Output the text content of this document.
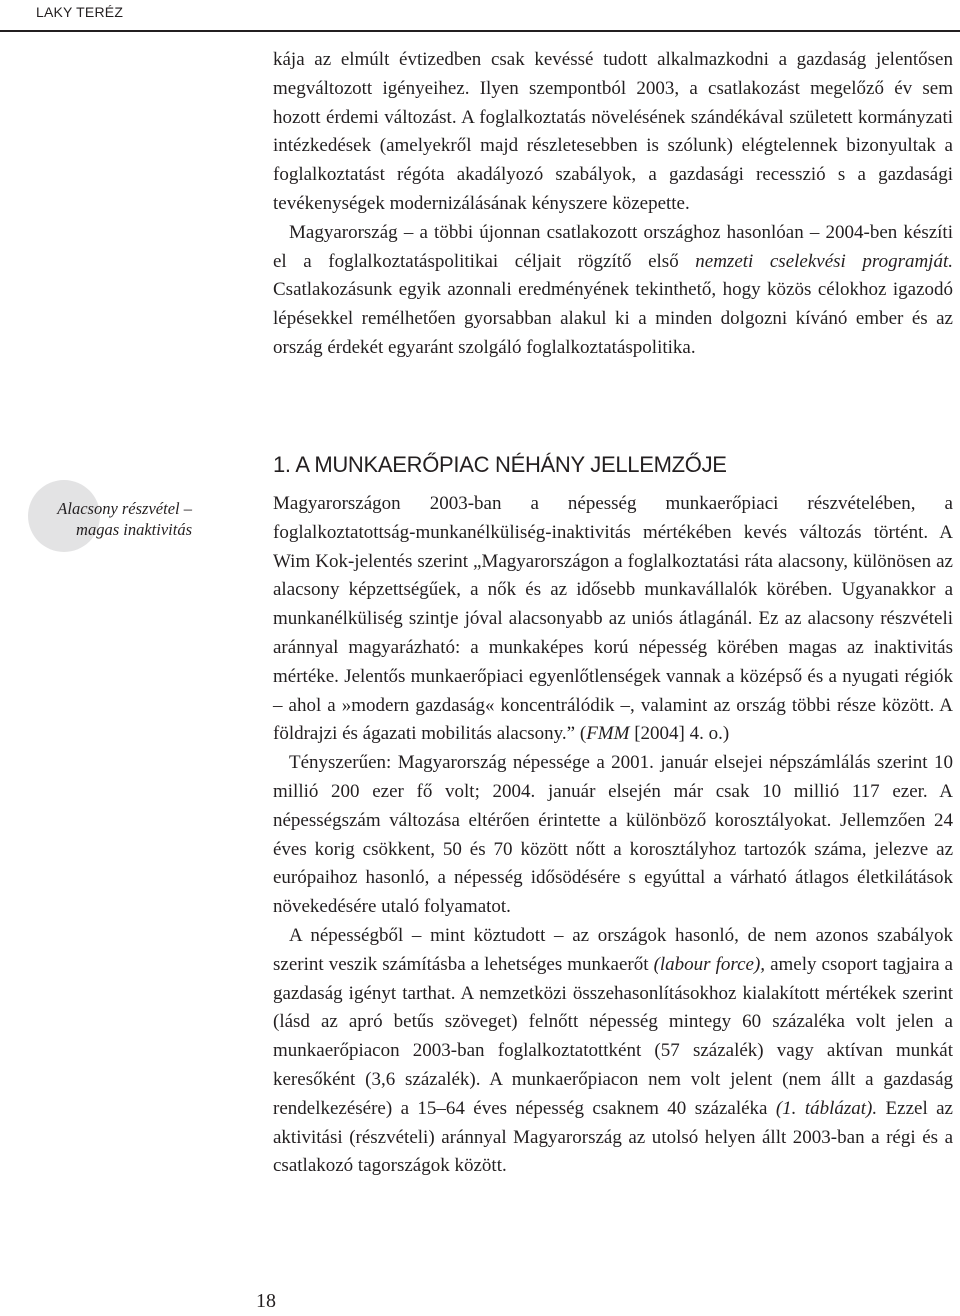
LAKY TERÉZ

kája az elmúlt évtizedben csak kevéssé tudott alkalmazkodni a gazdaság jelentősen megváltozott igényeihez. Ilyen szempontból 2003, a csatlakozást megelőző év sem hozott érdemi változást. A foglalkoztatás növelésének szándékával született kormányzati intézkedések (amelyekről majd részletesebben is szólunk) elégtelennek bizonyultak a foglalkoztatást régóta akadályozó szabályok, a gazdasági recesszió s a gazdasági tevékenységek modernizálásának kényszere közepette.

Magyarország – a többi újonnan csatlakozott országhoz hasonlóan – 2004-ben készíti el a foglalkoztatáspolitikai céljait rögzítő első nemzeti cselekvési programját. Csatlakozásunk egyik azonnali eredményének tekinthető, hogy közös célokhoz igazodó lépésekkel remélhetően gyorsabban alakul ki a minden dolgozni kívánó ember és az ország érdekét egyaránt szolgáló foglalkoztatáspolitika.

1. A MUNKAERŐPIAC NÉHÁNY JELLEMZŐJE
Alacsony részvétel –
magas inaktivitás

Magyarországon 2003-ban a népesség munkaerőpiaci részvételében, a foglalkoztatottság-munkanélküliség-inaktivitás mértékében kevés változás történt. A Wim Kok-jelentés szerint „Magyarországon a foglalkoztatási ráta alacsony, különösen az alacsony képzettségűek, a nők és az idősebb munkavállalók körében. Ugyanakkor a munkanélküliség szintje jóval alacsonyabb az uniós átlagánál. Ez az alacsony részvételi aránnyal magyarázható: a munkaképes korú népesség körében magas az inaktivitás mértéke. Jelentős munkaerőpiaci egyenlőtlenségek vannak a középső és a nyugati régiók – ahol a »modern gazdaság« koncentrálódik –, valamint az ország többi része között. A földrajzi és ágazati mobilitás alacsony.” (FMM [2004] 4. o.)

Tényszerűen: Magyarország népessége a 2001. január elsejei népszámlálás szerint 10 millió 200 ezer fő volt; 2004. január elsején már csak 10 millió 117 ezer. A népességszám változása eltérően érintette a különböző korosztályokat. Jellemzően 24 éves korig csökkent, 50 és 70 között nőtt a korosztályhoz tartozók száma, jelezve az európaihoz hasonló, a népesség idősödésére s egyúttal a várható átlagos életkilátások növekedésére utaló folyamatot.

A népességből – mint köztudott – az országok hasonló, de nem azonos szabályok szerint veszik számításba a lehetséges munkaerőt (labour force), amely csoport tagjaira a gazdaság igényt tarthat. A nemzetközi összehasonlításokhoz kialakított mértékek szerint (lásd az apró betűs szöveget) felnőtt népesség mintegy 60 százaléka volt jelen a munkaerőpiacon 2003-ban foglalkoztatottként (57 százalék) vagy aktívan munkát keresőként (3,6 százalék). A munkaerőpiacon nem volt jelent (nem állt a gazdaság rendelkezésére) a 15–64 éves népesség csaknem 40 százaléka (1. táblázat). Ezzel az aktivitási (részvételi) aránnyal Magyarország az utolsó helyen állt 2003-ban a régi és a csatlakozó tagországok között.

18
